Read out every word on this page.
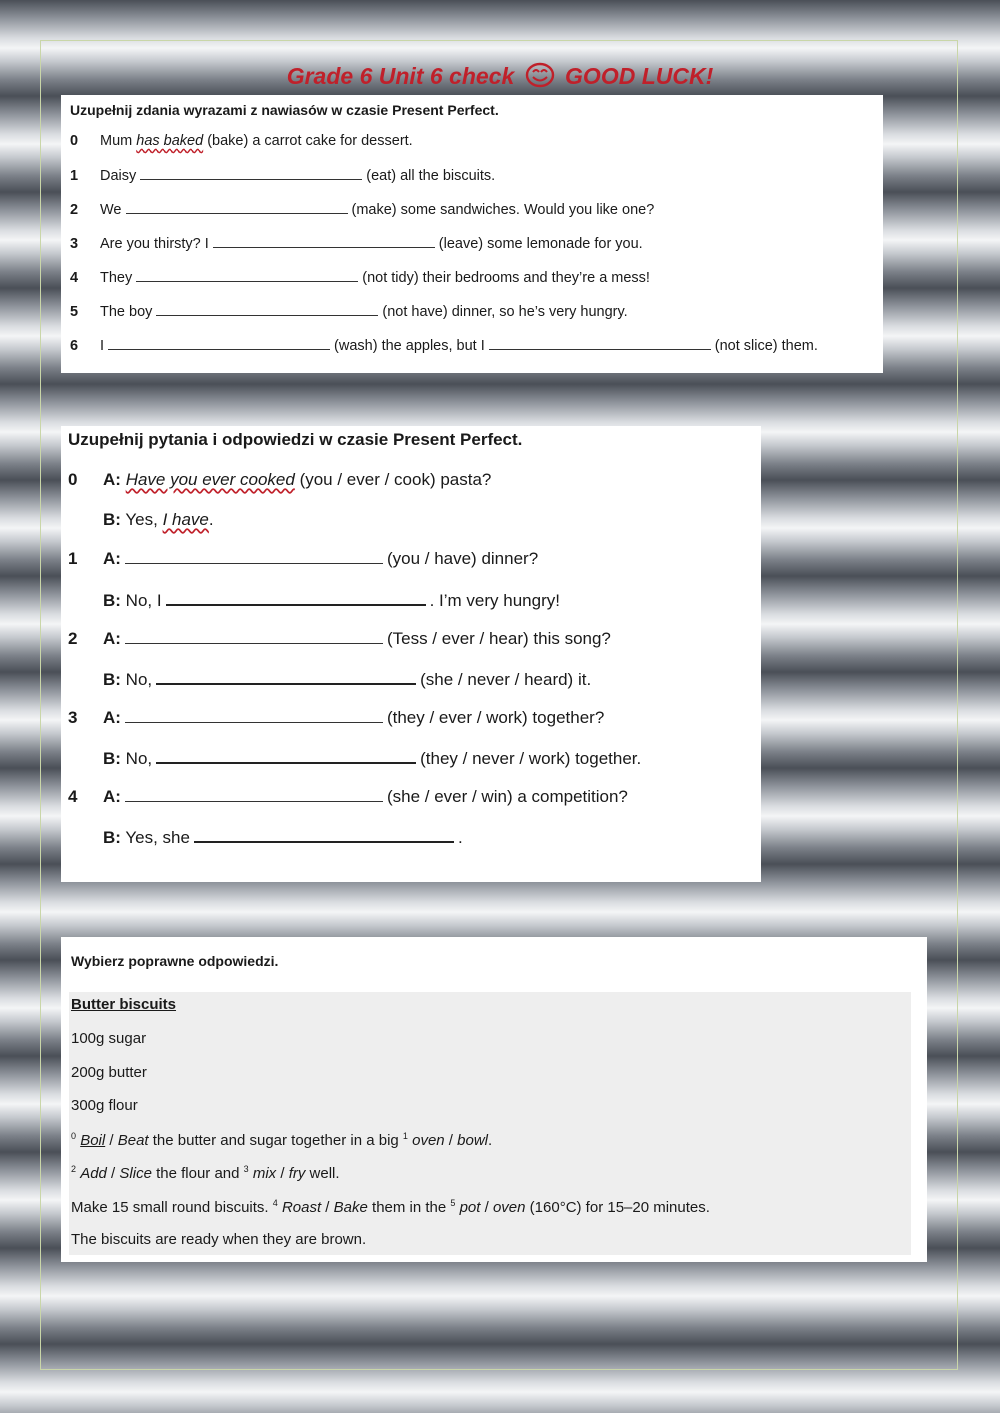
Grade 6 Unit 6 check GOOD LUCK!
Uzupełnij zdania wyrazami z nawiasów w czasie Present Perfect.
0 Mum has baked (bake) a carrot cake for dessert.
1 Daisy	(eat) all the biscuits.
2 We	(make) some sandwiches. Would you like one?
3 Are you thirsty? I	(leave) some lemonade for you.
4 They	(not tidy) their bedrooms and they’re a mess!
5 The boy	(not have) dinner, so he’s very hungry.
6 I	(wash) the apples, but I	(not slice) them.
Uzupełnij pytania i odpowiedzi w czasie Present Perfect.
0 A: Have you ever cooked (you / ever / cook) pasta?
B: Yes, I have.
1 A:	(you / have) dinner?
B: No, I	. I’m very hungry!
2 A:	(Tess / ever / hear) this song?
B: No,	(she / never / heard) it.
3 A:	(they / ever / work) together?
B: No,	(they / never / work) together.
4 A:	(she / ever / win) a competition?
B: Yes, she	.
Wybierz poprawne odpowiedzi.
Butter biscuits
100g sugar
200g butter
300g flour
$^0$ Boil / Beat the butter and sugar together in a big $^1$ oven / bowl.
$^2$ Add / Slice the flour and $^3$ mix / fry well.
Make 15 small round biscuits. $^4$ Roast / Bake them in the $^5$ pot / oven (160°C) for 15–20 minutes.
The biscuits are ready when they are brown.
